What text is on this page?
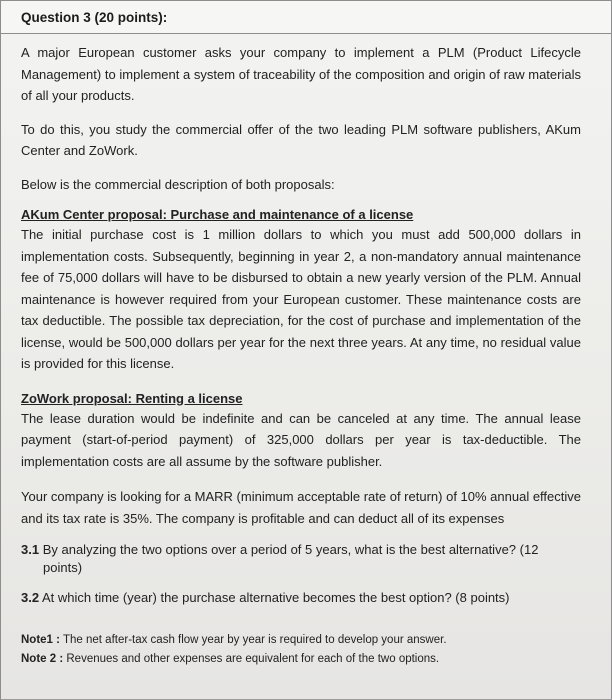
Question 3 (20 points):

A major European customer asks your company to implement a PLM (Product Lifecycle Management) to implement a system of traceability of the composition and origin of raw materials of all your products.

To do this, you study the commercial offer of the two leading PLM software publishers, AKum Center and ZoWork.

Below is the commercial description of both proposals:

AKum Center proposal: Purchase and maintenance of a license

The initial purchase cost is 1 million dollars to which you must add 500,000 dollars in implementation costs. Subsequently, beginning in year 2, a non-mandatory annual maintenance fee of 75,000 dollars will have to be disbursed to obtain a new yearly version of the PLM. Annual maintenance is however required from your European customer. These maintenance costs are tax deductible. The possible tax depreciation, for the cost of purchase and implementation of the license, would be 500,000 dollars per year for the next three years. At any time, no residual value is provided for this license.

ZoWork proposal: Renting a license

The lease duration would be indefinite and can be canceled at any time. The annual lease payment (start-of-period payment) of 325,000 dollars per year is tax-deductible. The implementation costs are all assume by the software publisher.

Your company is looking for a MARR (minimum acceptable rate of return) of 10% annual effective and its tax rate is 35%. The company is profitable and can deduct all of its expenses

3.1 By analyzing the two options over a period of 5 years, what is the best alternative? (12
points)
3.2 At which time (year) the purchase alternative becomes the best option? (8 points)

Note1 : The net after-tax cash flow year by year is required to develop your answer.

Note 2 : Revenues and other expenses are equivalent for each of the two options.
